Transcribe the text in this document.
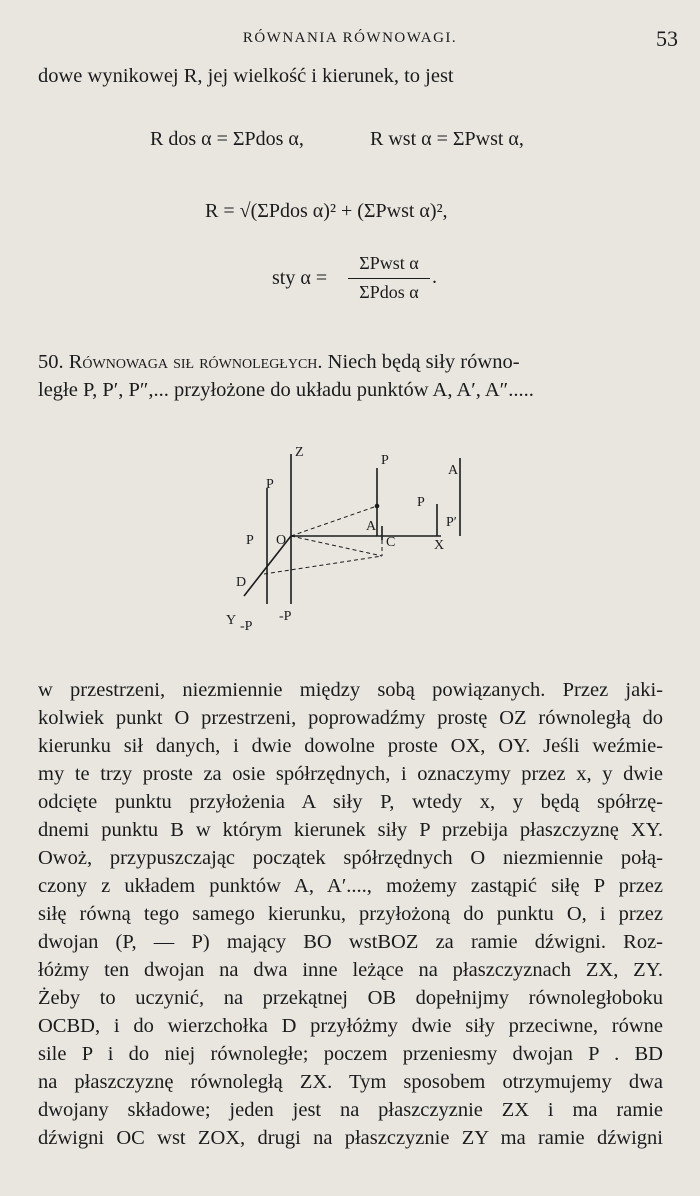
RÓWNANIA RÓWNOWAGI.	53
dowe wynikowej R, jej wielkość i kierunek, to jest
R dos α = ΣPdos α,	R wst α = ΣPwst α,
R = √(ΣPdos α)² + (ΣPwst α)²,
sty α =
ΣPwst α
ΣPdos α
.
50. Równowaga sił równoległych. Niech będą siły równo-
ległe P, P′, P″,... przyłożone do układu punktów A, A′, A″.....
Z
P
A
P
P
A	P′
P O	C	X
D
Y -P
-P
w przestrzeni, niezmiennie między sobą powiązanych. Przez jaki-
kolwiek punkt O przestrzeni, poprowadźmy prostę OZ równoległą do
kierunku sił danych, i dwie dowolne proste OX, OY. Jeśli weźmie-
my te trzy proste za osie spółrzędnych, i oznaczymy przez x, y dwie
odcięte punktu przyłożenia A siły P, wtedy x, y będą spółrzę-
dnemi punktu B w którym kierunek siły P przebija płaszczyznę XY.
Owoż, przypuszczając początek spółrzędnych O niezmiennie połą-
czony z układem punktów A, A′...., możemy zastąpić siłę P przez
siłę równą tego samego kierunku, przyłożoną do punktu O, i przez
dwojan (P, — P) mający BO wstBOZ za ramie dźwigni. Roz-
łóżmy ten dwojan na dwa inne leżące na płaszczyznach ZX, ZY.
Żeby to uczynić, na przekątnej OB dopełnijmy równoległoboku
OCBD, i do wierzchołka D przyłóżmy dwie siły przeciwne, równe
sile P i do niej równoległe; poczem przeniesmy dwojan P . BD
na płaszczyznę równoległą ZX. Tym sposobem otrzymujemy dwa
dwojany składowe; jeden jest na płaszczyznie ZX i ma ramie
dźwigni OC wst ZOX, drugi na płaszczyznie ZY ma ramie dźwigni
